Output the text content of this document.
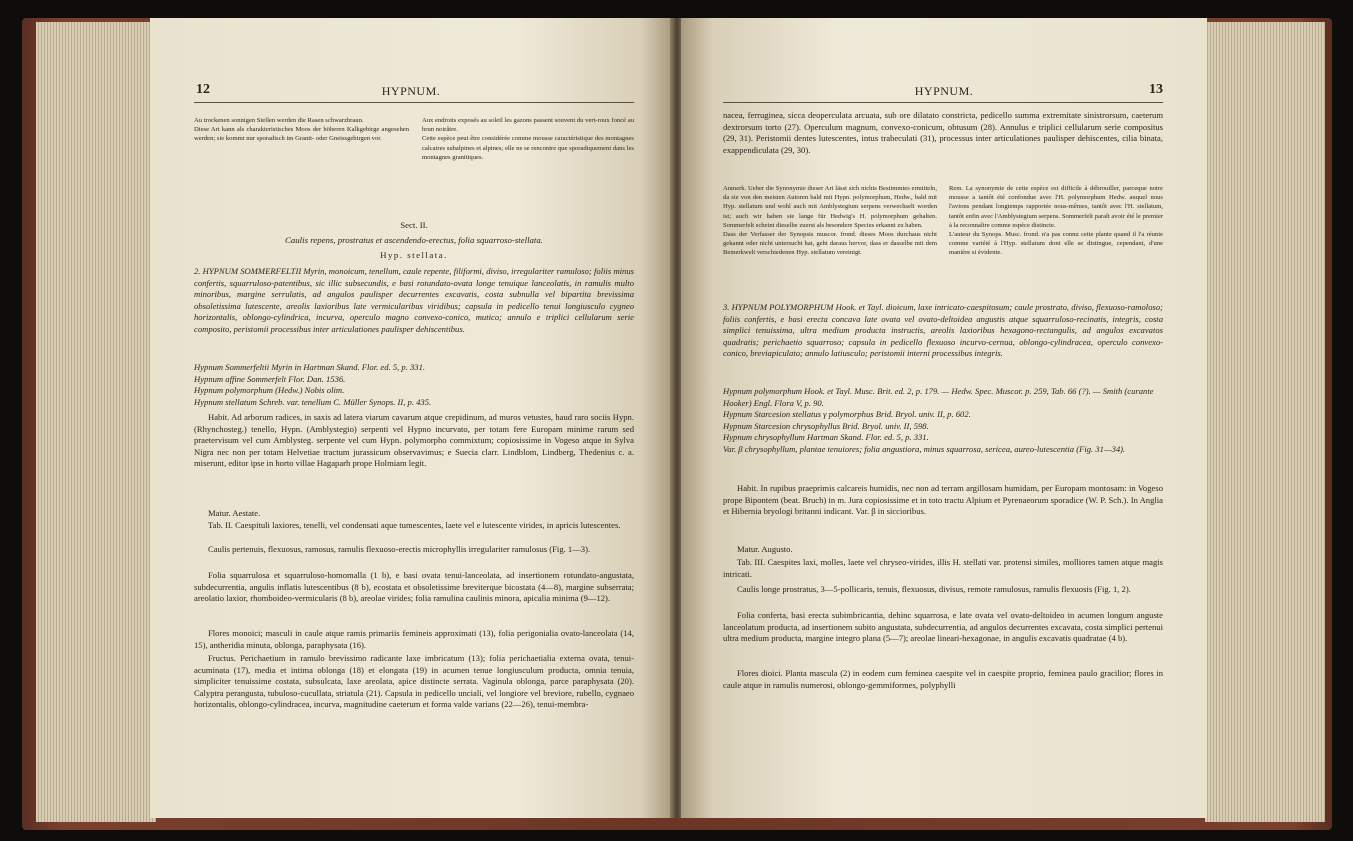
12	HYPNUM.

Au trockenen sonnigen Stellen werden die Rasen schwarzbraun.
Diese Art kann als charakteristisches Moos der höheren Kalkgebirge angesehen werden; sie kommt nur sporadisch im Granit- oder Gneissgebirgen vor.

Aux endroits exposés au soleil les gazons passent souvent du vert-roux foncé au brun noirâtre.
Cette espèce peut être considérée comme mousse caractéristique des montagnes calcaires subalpines et alpines; elle ne se rencontre que sporadiquement dans les montagnes granitiques.

Sect. II.
Caulis repens, prostratus et ascendendo-erectus, folia squarroso-stellata.
Hyp. stellata.

2. HYPNUM SOMMERFELTII Myrin, monoicum, tenellum, caule repente, filiformi, diviso, irregulariter ramuloso; foliis minus confertis, squarruloso-patentibus, sic illic subsecundis, e basi rotundato-ovata longe tenuique lanceolatis, in ramulis multo minoribus, margine serrulatis, ad angulos paulisper decurrentes excavatis, costa subnulla vel bipartita brevissima obsoletissima lutescente, areolis laxioribus late vermicularibus viridibus; capsula in pedicello tenui longiusculo cygneo horizontalis, oblongo-cylindrica, incurva, operculo magno convexo-conico, mutico; annulo e triplici cellularum serie composito, peristomii processibus inter articulationes paulisper dehiscentibus.

Hypnum Sommerfeltii Myrin in Hartman Skand. Flor. ed. 5, p. 331.
Hypnum affine Sommerfelt Flor. Dan. 1536.
Hypnum polymorphum (Hedw.) Nobis olim.
Hypnum stellatum Schreb. var. tenellum C. Müller Synops. II, p. 435.

Habit. Ad arborum radices, in saxis ad latera viarum cavarum atque crepidinum, ad muros vetustes, haud raro sociis Hypn. (Rhynchosteg.) tenello, Hypn. (Amblystegio) serpenti vel Hypno incurvato, per totam fere Europam minime rarum sed praetervisum vel cum Amblysteg. serpente vel cum Hypn. polymorpho commixtum; copiosissime in Vogeso atque in Sylva Nigra nec non per totam Helvetiae tractum jurassicum observavimus; e Suecia clarr. Lindblom, Lindberg, Thedenius c. a. miserunt, editor ipse in horto villae Hagaparh prope Holmiam legit.

Matur. Aestate.

Tab. II. Caespituli laxiores, tenelli, vel condensati aque tumescentes, laete vel e lutescente virides, in apricis lutescentes.

Caulis pertenuis, flexuosus, ramosus, ramulis flexuoso-erectis microphyllis irregulariter ramulosus (Fig. 1—3).

Folia squarrulosa et squarruloso-homomalla (1 b), e basi ovata tenui-lanceolata, ad insertionem rotundato-angustata, subdecurrentia, angulis inflatis lutescentibus (8 b), ecostata et obsoletissime breviterque bicostata (4—8), margine subserrata; areolatio laxior, rhomboideo-vermicularis (8 b), areolae virides; folia ramulina caulinis minora, apicalia minima (9—12).

Flores monoici; masculi in caule atque ramis primariis femineis approximati (13), folia perigonialia ovato-lanceolata (14, 15), antheridia minuta, oblonga, paraphysata (16).

Fructus. Perichaetium in ramulo brevissimo radicante laxe imbricatum (13); folia perichaetialia externa ovata, tenui-acuminata (17), media et intima oblonga (18) et elongata (19) in acumen tenue longiusculum producta, omnia tenuia, simpliciter tenuissime costata, subsulcata, laxe areolata, apice distincte serrata. Vaginula oblonga, parce paraphysata (20). Calyptra perangusta, tubuloso-cucullata, striatula (21). Capsula in pedicello unciali, vel longiore vel breviore, rubello, cygnaeo horizontalis, oblongo-cylindracea, incurva, magnitudine caeterum et forma valde varians (22—26), tenui-membra-

HYPNUM.	13

nacea, ferruginea, sicca deoperculata arcuata, sub ore dilatato constricta, pedicello summa extremitate sinistrorsum, caeterum dextrorsum torto (27). Operculum magnum, convexo-conicum, obtusum (28). Annulus e triplici cellularum serie compositus (29, 31). Peristomii dentes lutescentes, intus trabeculati (31), processus inter articulationes paulisper dehiscentes, cilia binata, exappendiculata (29, 30).

Anmerk. Ueber die Synonymie dieser Art lässt sich nichts Bestimmtes ermitteln, da sie von den meisten Autoren bald mit Hypn. polymorphum, Hedw., bald mit Hyp. stellatum und wohl auch mit Amblystegium serpens verwechselt worden ist; auch wir haben sie lange für Hedwig's H. polymorphum gehalten. Sommerfelt scheint dieselbe zuerst als besondere Species erkannt zu haben.
Dass der Verfasser der Synopsis muscor. frond. dieses Moos durchaus nicht gekannt oder nicht untersucht hat, geht daraus hervor, dass er dasselbe mit dem Bemerkwelt verschiedenen Hyp. stellatum vereinigt.

Rem. La synonymie de cette espèce est difficile à débrouiller, parceque notre mousse a tantôt été confondue avec l'H. polymorphum Hedw. auquel nous l'avions pendant longtemps rapportée nous-mêmes, tantôt avec l'H. stellatum, tantôt enfin avec l'Amblystegium serpens. Sommerfelt paraît avoir été le premier à la reconnaître comme espèce distincte.
L'auteur du Synops. Musc. frond. n'a pas connu cette plante quand il l'a réunie comme variété à l'Hyp. stellatum dont elle se distingue, cependant, d'une manière si évidente.

3. HYPNUM POLYMORPHUM Hook. et Tayl. dioicum, laxe intricato-caespitosum; caule prostrato, diviso, flexuoso-ramoloso; foliis confertis, e basi erecta concava late ovata vel ovato-deltoidea angustis atque squarruloso-recinatis, integris, costa simplici tenuissima, ultra medium producta instructis, areolis laxioribus hexagono-rectangulis, ad angulos excavatos quadratis; perichaetio squarroso; capsula in pedicello flexuoso incurvo-cernua, oblongo-cylindracea, operculo convexo-conico, breviapiculato; annulo latiusculo; peristomii interni processibus integris.

Hypnum polymorphum Hook. et Tayl. Musc. Brit. ed. 2, p. 179. — Hedw. Spec. Muscor. p. 259, Tab. 66 (?). — Smith (curante Hooker) Engl. Flora V, p. 90.
Hypnum Starcesion stellatus γ polymorphus Brid. Bryol. univ. II, p. 602.
Hypnum Starcesion chrysophyllus Brid. Bryol. univ. II, 598.
Hypnum chrysophyllum Hartman Skand. Flor. ed. 5, p. 331.
Var. β chrysophyllum, plantae tenuiores; folia angustiora, minus squarrosa, sericea, aureo-lutescentia (Fig. 31—34).

Habit. In rupibus praeprimis calcareis humidis, nec non ad terram argillosam humidam, per Europam montosam: in Vogeso prope Bipontem (beat. Bruch) in m. Jura copiosissime et in toto tractu Alpium et Pyrenaeorum sporadice (W. P. Sch.). In Anglia et Hibernia bryologi britanni indicant. Var. β in siccioribus.

Matur. Augusto.

Tab. III. Caespites laxi, molles, laete vel chryseo-virides, illis H. stellati var. protensi similes, molliores tamen atque magis intricati.

Caulis longe prostratus, 3—5-pollicaris, tenuis, flexuosus, divisus, remote ramulosus, ramulis flexuosis (Fig. 1, 2).

Folia conferta, basi erecta subimbricantia, dehinc squarrosa, e late ovata vel ovato-deltoideo in acumen longum anguste lanceolatum producta, ad insertionem subito angustata, subdecurrentia, ad angulos decurrentes excavata, costa simplici pertenui ultra medium producta, margine integro plana (5—7); areolae lineari-hexagonae, in angulis excavatis quadratae (4 b).

Flores dioici. Planta mascula (2) in eodem cum feminea caespite vel in caespite proprio, feminea paulo gracilior; flores in caule atque in ramulis numerosi, oblongo-gemmiformes, polyphylli
